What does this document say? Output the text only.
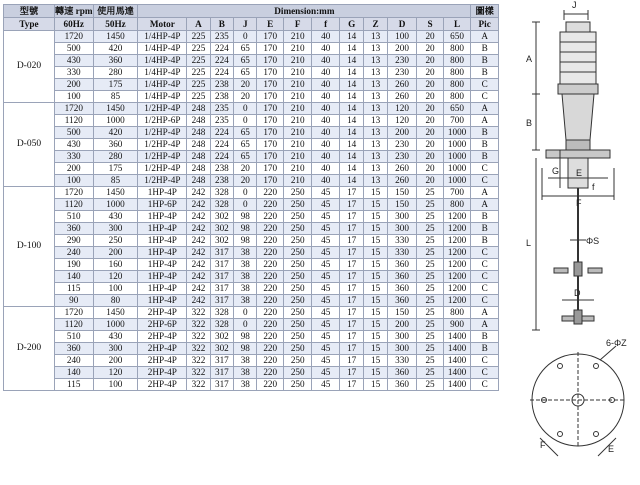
型號	轉速 rpm	使用馬達	Dimension:mm												圖樣
Type	60Hz	50Hz	Motor	A	B	J	E	F	f	G	Z	D	S	L	Pic
D-020	1720	1450	1/4HP-4P	225	235	0	170	210	40	14	13	100	20	650	A
	500	420	1/4HP-4P	225	224	65	170	210	40	14	13	200	20	800	B
	430	360	1/4HP-4P	225	224	65	170	210	40	14	13	230	20	800	B
	330	280	1/4HP-4P	225	224	65	170	210	40	14	13	230	20	800	B
	200	175	1/4HP-4P	225	238	20	170	210	40	14	13	260	20	800	C
	100	85	1/4HP-4P	225	238	20	170	210	40	14	13	260	20	800	C
D-050	1720	1450	1/2HP-4P	248	235	0	170	210	40	14	13	120	20	650	A
	1120	1000	1/2HP-6P	248	235	0	170	210	40	14	13	120	20	700	A
	500	420	1/2HP-4P	248	224	65	170	210	40	14	13	200	20	1000	B
	430	360	1/2HP-4P	248	224	65	170	210	40	14	13	230	20	1000	B
	330	280	1/2HP-4P	248	224	65	170	210	40	14	13	230	20	1000	B
	200	175	1/2HP-4P	248	238	20	170	210	40	14	13	260	20	1000	C
	100	85	1/2HP-4P	248	238	20	170	210	40	14	13	260	20	1000	C
D-100	1720	1450	1HP-4P	242	328	0	220	250	45	17	15	150	25	700	A
	1120	1000	1HP-6P	242	328	0	220	250	45	17	15	150	25	800	A
	510	430	1HP-4P	242	302	98	220	250	45	17	15	300	25	1200	B
	360	300	1HP-4P	242	302	98	220	250	45	17	15	300	25	1200	B
	290	250	1HP-4P	242	302	98	220	250	45	17	15	330	25	1200	B
	240	200	1HP-4P	242	317	38	220	250	45	17	15	330	25	1200	C
	190	160	1HP-4P	242	317	38	220	250	45	17	15	360	25	1200	C
	140	120	1HP-4P	242	317	38	220	250	45	17	15	360	25	1200	C
	115	100	1HP-4P	242	317	38	220	250	45	17	15	360	25	1200	C
	90	80	1HP-4P	242	317	38	220	250	45	17	15	360	25	1200	C
D-200	1720	1450	2HP-4P	322	328	0	220	250	45	17	15	150	25	800	A
	1120	1000	2HP-6P	322	328	0	220	250	45	17	15	200	25	900	A
	510	430	2HP-4P	322	302	98	220	250	45	17	15	300	25	1400	B
	360	300	2HP-4P	322	302	98	220	250	45	17	15	300	25	1400	B
	240	200	2HP-4P	322	317	38	220	250	45	17	15	330	25	1400	C
	140	120	2HP-4P	322	317	38	220	250	45	17	15	360	25	1400	C
	115	100	2HP-4P	322	317	38	220	250	45	17	15	360	25	1400	C
J
A
B
G E
f
F
L	ΦS
D
6-ΦZ
F	E
